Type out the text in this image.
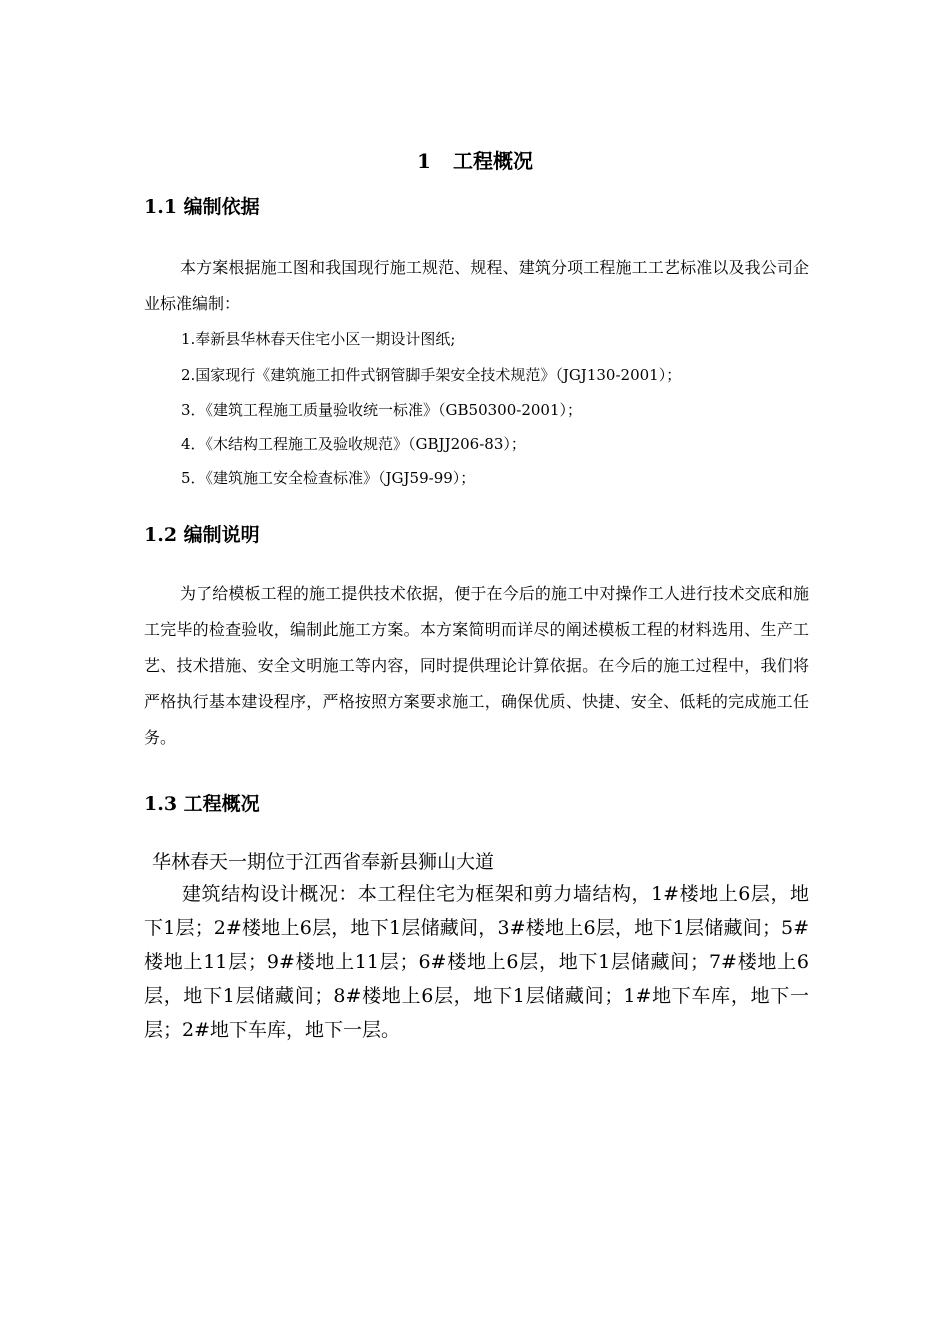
1 工程概况
1.1 编制依据
本方案根据施工图和我国现行施工规范、规程、建筑分项工程施工工艺标准以及我公司企业标准编制：
1.奉新县华林春天住宅小区一期设计图纸;
2.国家现行《建筑施工扣件式钢管脚手架安全技术规范》（JGJ130-2001）；
3．《建筑工程施工质量验收统一标准》（GB50300-2001）；
4．《木结构工程施工及验收规范》（GBJJ206-83）；
5．《建筑施工安全检查标准》（JGJ59-99）；
1.2 编制说明
为了给模板工程的施工提供技术依据，便于在今后的施工中对操作工人进行技术交底和施工完毕的检查验收，编制此施工方案。本方案简明而详尽的阐述模板工程的材料选用、生产工艺、技术措施、安全文明施工等内容，同时提供理论计算依据。在今后的施工过程中，我们将严格执行基本建设程序，严格按照方案要求施工，确保优质、快捷、安全、低耗的完成施工任务。
1.3 工程概况
华林春天一期位于江西省奉新县狮山大道
建筑结构设计概况：本工程住宅为框架和剪力墙结构，1#楼地上6层，地下1层；2#楼地上6层，地下1层储藏间，3#楼地上6层，地下1层储藏间；5#楼地上11层；9#楼地上11层；6#楼地上6层，地下1层储藏间；7#楼地上6层，地下1层储藏间；8#楼地上6层，地下1层储藏间；1#地下车库，地下一层；2#地下车库，地下一层。
